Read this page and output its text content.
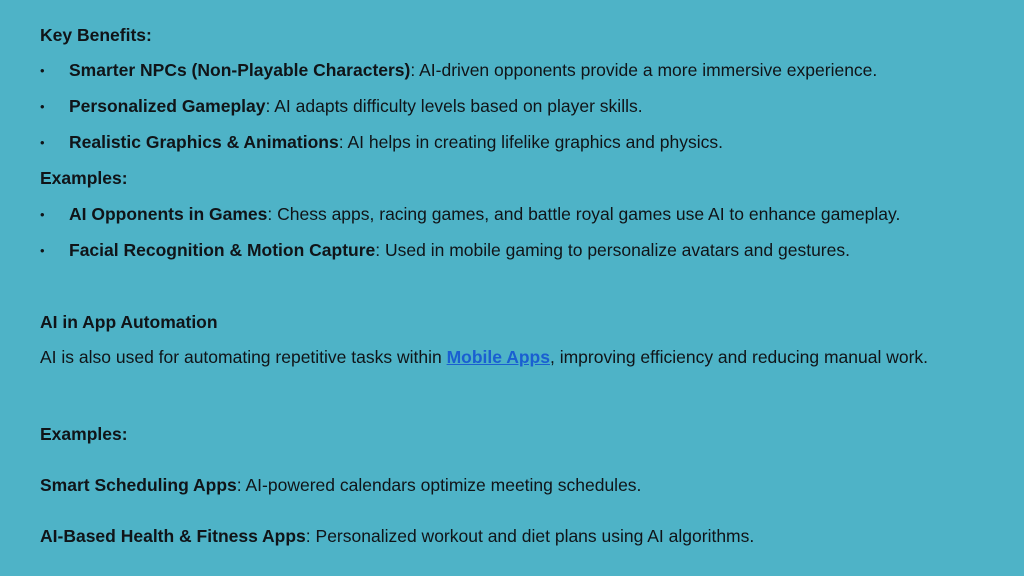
Key Benefits:
• Smarter NPCs (Non-Playable Characters): AI-driven opponents provide a more immersive experience.
• Personalized Gameplay: AI adapts difficulty levels based on player skills.
• Realistic Graphics & Animations: AI helps in creating lifelike graphics and physics.
Examples:
• AI Opponents in Games: Chess apps, racing games, and battle royal games use AI to enhance gameplay.
• Facial Recognition & Motion Capture: Used in mobile gaming to personalize avatars and gestures.
AI in App Automation
AI is also used for automating repetitive tasks within Mobile Apps, improving efficiency and reducing manual work.
Examples:
Smart Scheduling Apps: AI-powered calendars optimize meeting schedules.
AI-Based Health & Fitness Apps: Personalized workout and diet plans using AI algorithms.
